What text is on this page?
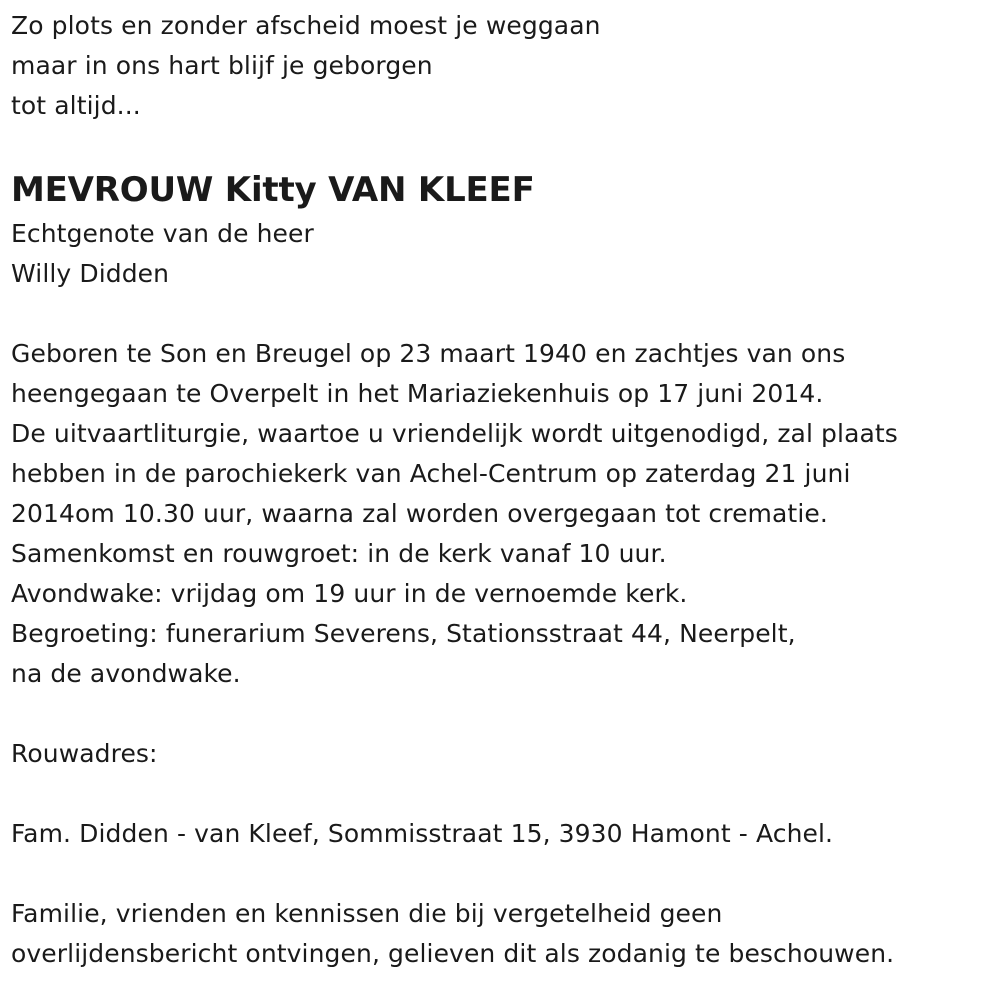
Zo plots en zonder afscheid moest je weggaan
maar in ons hart blijf je geborgen
tot altijd...
MEVROUW Kitty VAN KLEEF
Echtgenote van de heer
Willy Didden
Geboren te Son en Breugel op 23 maart 1940 en zachtjes van ons
heengegaan te Overpelt in het Mariaziekenhuis op 17 juni 2014.
De uitvaartliturgie, waartoe u vriendelijk wordt uitgenodigd, zal plaats
hebben in de parochiekerk van Achel-Centrum op zaterdag 21 juni
2014om 10.30 uur, waarna zal worden overgegaan tot crematie.
Samenkomst en rouwgroet: in de kerk vanaf 10 uur.
Avondwake: vrijdag om 19 uur in de vernoemde kerk.
Begroeting: funerarium Severens, Stationsstraat 44, Neerpelt,
na de avondwake.
Rouwadres:
Fam. Didden - van Kleef, Sommisstraat 15, 3930 Hamont - Achel.
Familie, vrienden en kennissen die bij vergetelheid geen
overlijdensbericht ontvingen, gelieven dit als zodanig te beschouwen.
